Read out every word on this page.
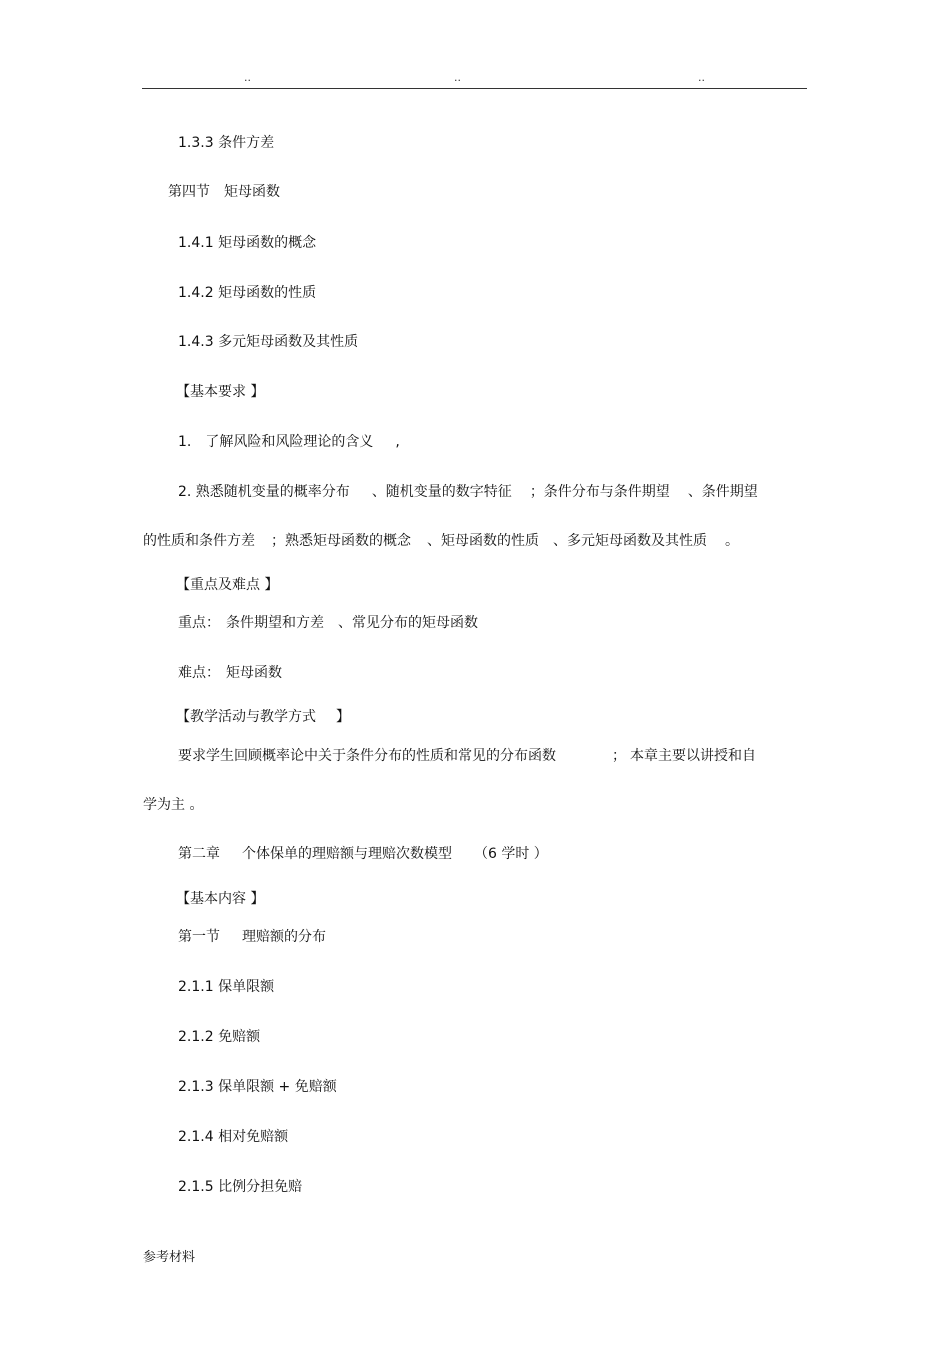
..	..	..
1.3.3 条件方差
第四节 矩母函数
1.4.1 矩母函数的概念
1.4.2 矩母函数的性质
1.4.3 多元矩母函数及其性质
【基本要求 】
1. 了解风险和风险理论的含义 ,
2. 熟悉随机变量的概率分布 、随机变量的数字特征 ；条件分布与条件期望 、条件期望
的性质和条件方差 ；熟悉矩母函数的概念 、矩母函数的性质 、多元矩母函数及其性质 。
【重点及难点 】
重点： 条件期望和方差 、常见分布的矩母函数
难点： 矩母函数
【教学活动与教学方式 】
要求学生回顾概率论中关于条件分布的性质和常见的分布函数	； 本章主要以讲授和自
学为主 。
第二章 个体保单的理赔额与理赔次数模型 （6 学时 ）
【基本内容 】
第一节 理赔额的分布
2.1.1 保单限额
2.1.2 免赔额
2.1.3 保单限额 + 免赔额
2.1.4 相对免赔额
2.1.5 比例分担免赔
参考材料
